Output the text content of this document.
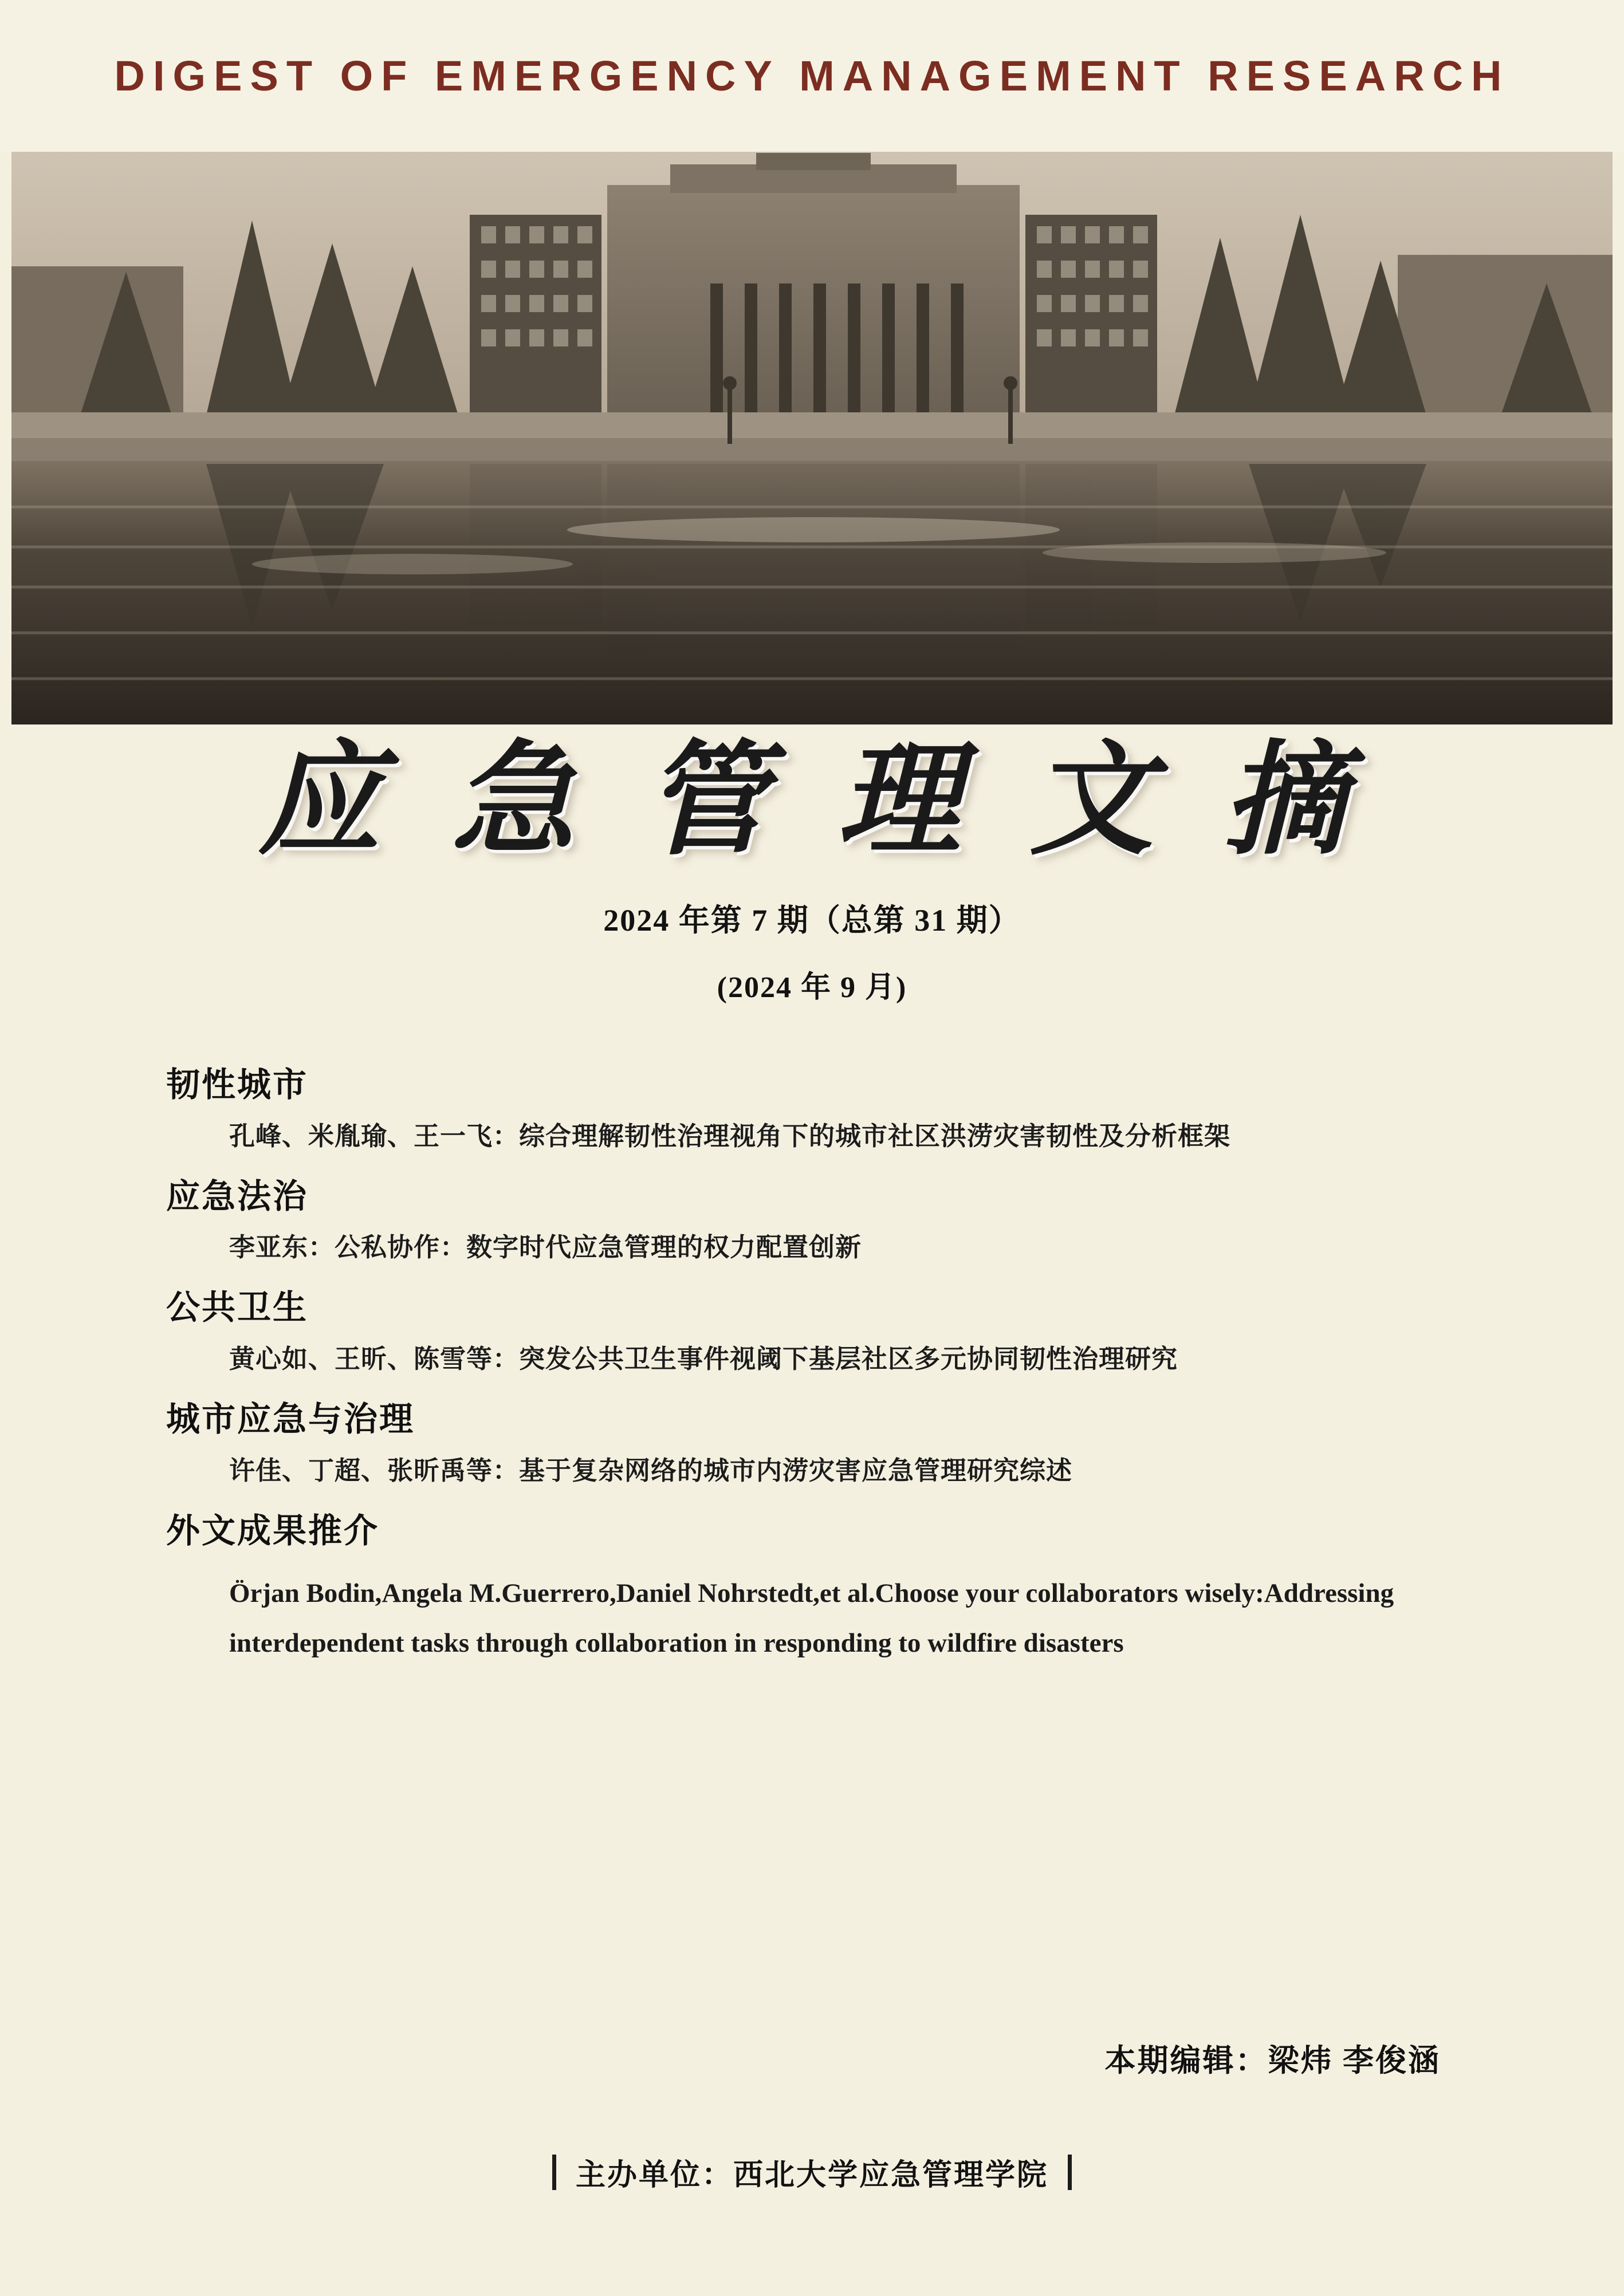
DIGEST OF EMERGENCY MANAGEMENT RESEARCH
应 急 管 理 文 摘
2024 年第 7 期（总第 31 期）
(2024 年 9 月)
韧性城市
孔峰、米胤瑜、王一飞：综合理解韧性治理视角下的城市社区洪涝灾害韧性及分析框架
应急法治
李亚东：公私协作：数字时代应急管理的权力配置创新
公共卫生
黄心如、王昕、陈雪等：突发公共卫生事件视阈下基层社区多元协同韧性治理研究
城市应急与治理
许佳、丁超、张昕禹等：基于复杂网络的城市内涝灾害应急管理研究综述
外文成果推介
Örjan Bodin,Angela M.Guerrero,Daniel Nohrstedt,et al.Choose your collaborators wisely:Addressing interdependent tasks through collaboration in responding to wildfire disasters
本期编辑：梁炜 李俊涵
主办单位：西北大学应急管理学院
